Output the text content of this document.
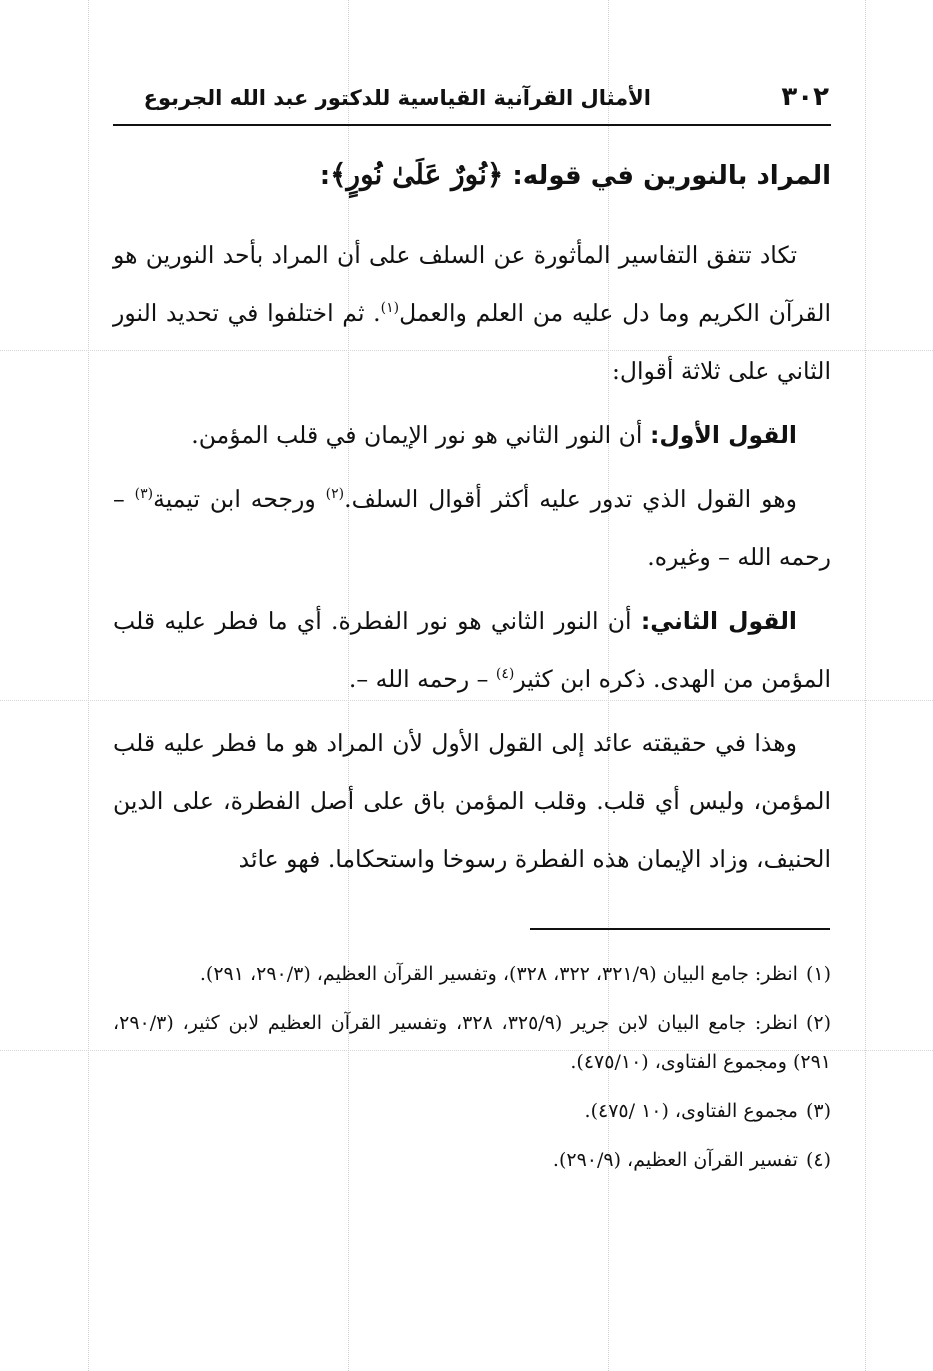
٣٠٢
الأمثال القرآنية القياسية للدكتور عبد الله الجربوع
المراد بالنورين في قوله: ﴿نُورٌ عَلَىٰ نُورٍ﴾:

تكاد تتفق التفاسير المأثورة عن السلف على أن المراد بأحد النورين هو القرآن الكريم وما دل عليه من العلم والعمل$^{(١)}$. ثم اختلفوا في تحديد النور الثاني على ثلاثة أقوال:

القول الأول: أن النور الثاني هو نور الإيمان في قلب المؤمن.

وهو القول الذي تدور عليه أكثر أقوال السلف.$^{(٢)}$ ورجحه ابن تيمية$^{(٣)}$ – رحمه الله – وغيره.

القول الثاني: أن النور الثاني هو نور الفطرة. أي ما فطر عليه قلب المؤمن من الهدى. ذكره ابن كثير$^{(٤)}$ – رحمه الله –.

وهذا في حقيقته عائد إلى القول الأول لأن المراد هو ما فطر عليه قلب المؤمن، وليس أي قلب. وقلب المؤمن باق على أصل الفطرة، على الدين الحنيف، وزاد الإيمان هذه الفطرة رسوخا واستحكاما. فهو عائد

(١)انظر: جامع البيان (٣٢١/٩، ٣٢٢، ٣٢٨)، وتفسير القرآن العظيم، (٢٩٠/٣، ٢٩١).
(٢)انظر: جامع البيان لابن جرير (٣٢٥/٩، ٣٢٨، وتفسير القرآن العظيم لابن كثير، (٢٩٠/٣، ٢٩١) ومجموع الفتاوى، (٤٧٥/١٠).
(٣)مجموع الفتاوى، (١٠ /٤٧٥).
(٤)تفسير القرآن العظيم، (٢٩٠/٩).
